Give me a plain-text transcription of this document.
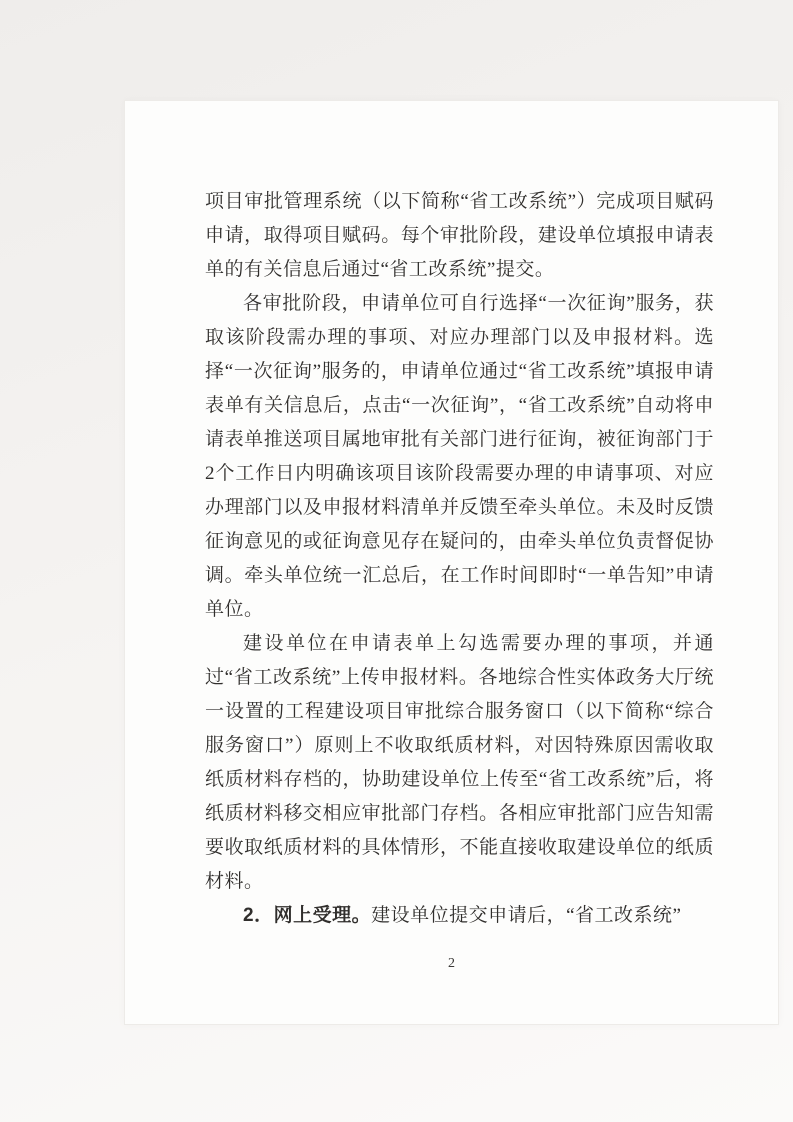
项目审批管理系统（以下简称“省工改系统”）完成项目赋码申请，取得项目赋码。每个审批阶段，建设单位填报申请表单的有关信息后通过“省工改系统”提交。

各审批阶段，申请单位可自行选择“一次征询”服务，获取该阶段需办理的事项、对应办理部门以及申报材料。选择“一次征询”服务的，申请单位通过“省工改系统”填报申请表单有关信息后，点击“一次征询”，“省工改系统”自动将申请表单推送项目属地审批有关部门进行征询，被征询部门于2个工作日内明确该项目该阶段需要办理的申请事项、对应办理部门以及申报材料清单并反馈至牵头单位。未及时反馈征询意见的或征询意见存在疑问的，由牵头单位负责督促协调。牵头单位统一汇总后，在工作时间即时“一单告知”申请单位。

建设单位在申请表单上勾选需要办理的事项，并通过“省工改系统”上传申报材料。各地综合性实体政务大厅统一设置的工程建设项目审批综合服务窗口（以下简称“综合服务窗口”）原则上不收取纸质材料，对因特殊原因需收取纸质材料存档的，协助建设单位上传至“省工改系统”后，将纸质材料移交相应审批部门存档。各相应审批部门应告知需要收取纸质材料的具体情形，不能直接收取建设单位的纸质材料。

2．网上受理。建设单位提交申请后，“省工改系统”

2
